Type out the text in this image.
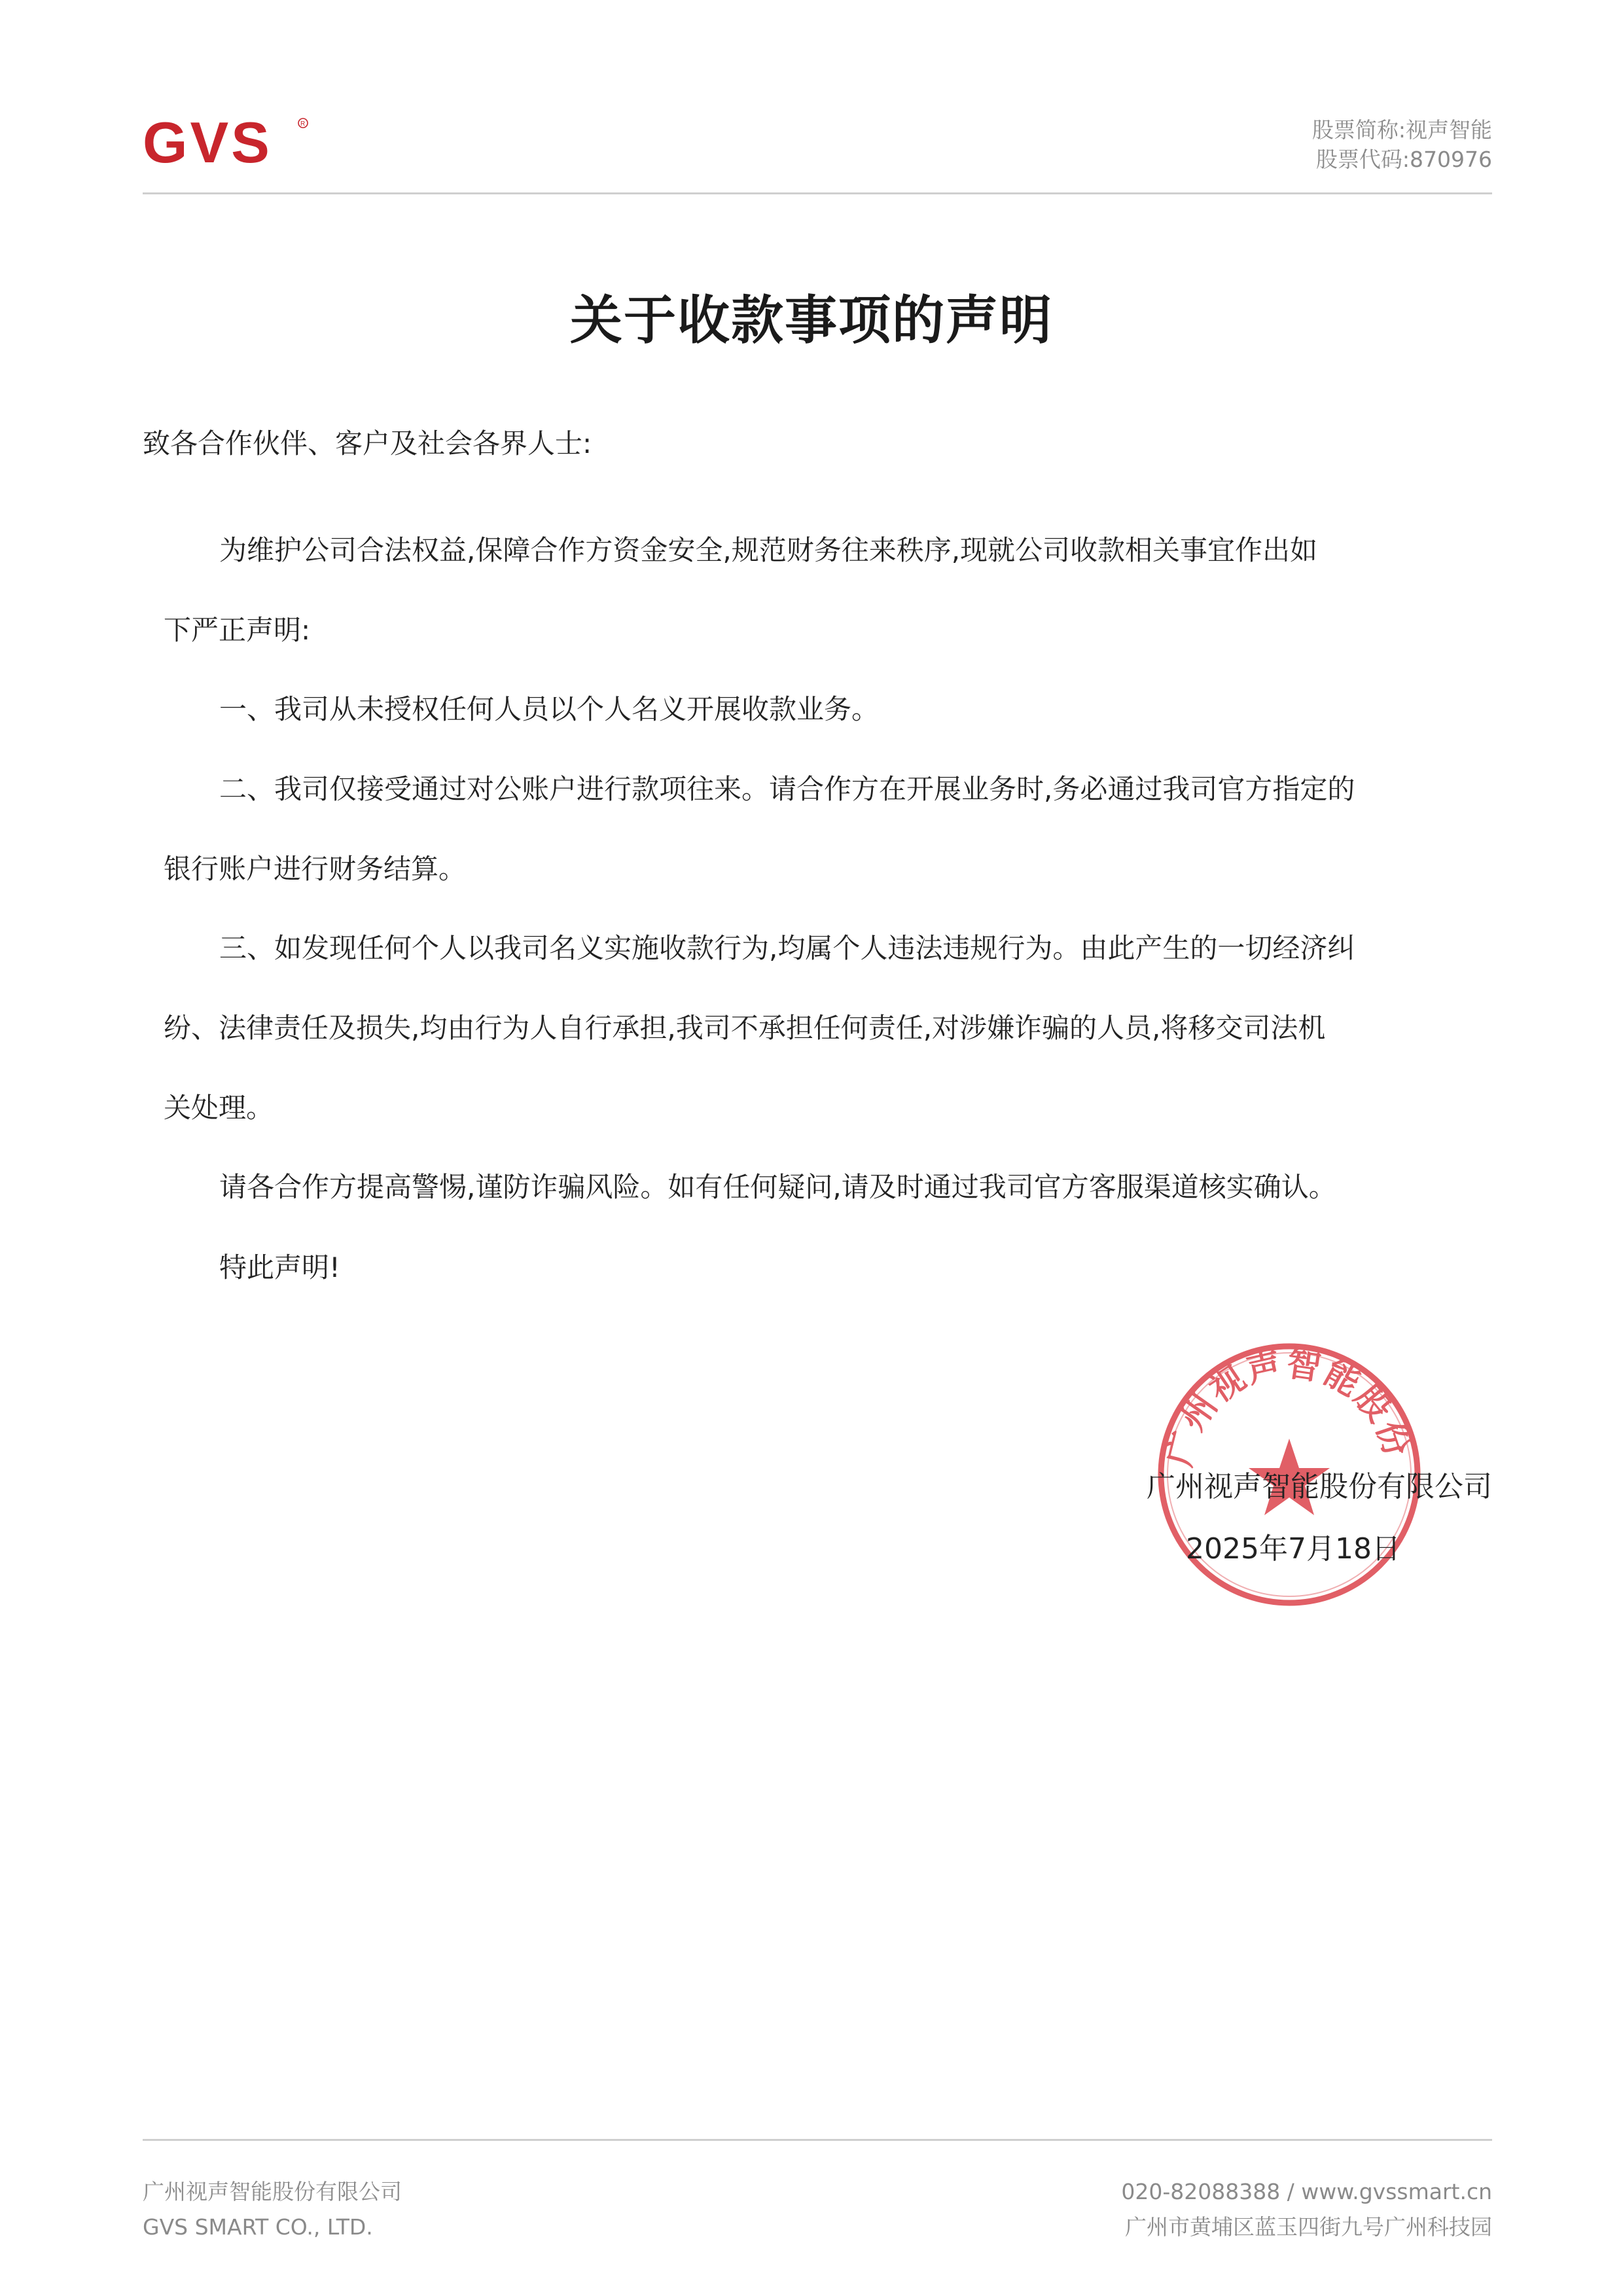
GVS	R	股票简称:视声智能
股票代码:870976
关于收款事项的声明
致各合作伙伴、客户及社会各界人士:
为维护公司合法权益,保障合作方资金安全,规范财务往来秩序,现就公司收款相关事宜作出如
下严正声明:
一、我司从未授权任何人员以个人名义开展收款业务。
二、我司仅接受通过对公账户进行款项往来。请合作方在开展业务时,务必通过我司官方指定的
银行账户进行财务结算。
三、如发现任何个人以我司名义实施收款行为,均属个人违法违规行为。由此产生的一切经济纠
纷、法律责任及损失,均由行为人自行承担,我司不承担任何责任,对涉嫌诈骗的人员,将移交司法机
关处理。
请各合作方提高警惕,谨防诈骗风险。如有任何疑问,请及时通过我司官方客服渠道核实确认。
特此声明!
广州视声智能股份
广州视声智能股份有限公司
2025年7月18日
广州视声智能股份有限公司
GVS SMART CO., LTD.
020-82088388 / www.gvssmart.cn
广州市黄埔区蓝玉四街九号广州科技园
